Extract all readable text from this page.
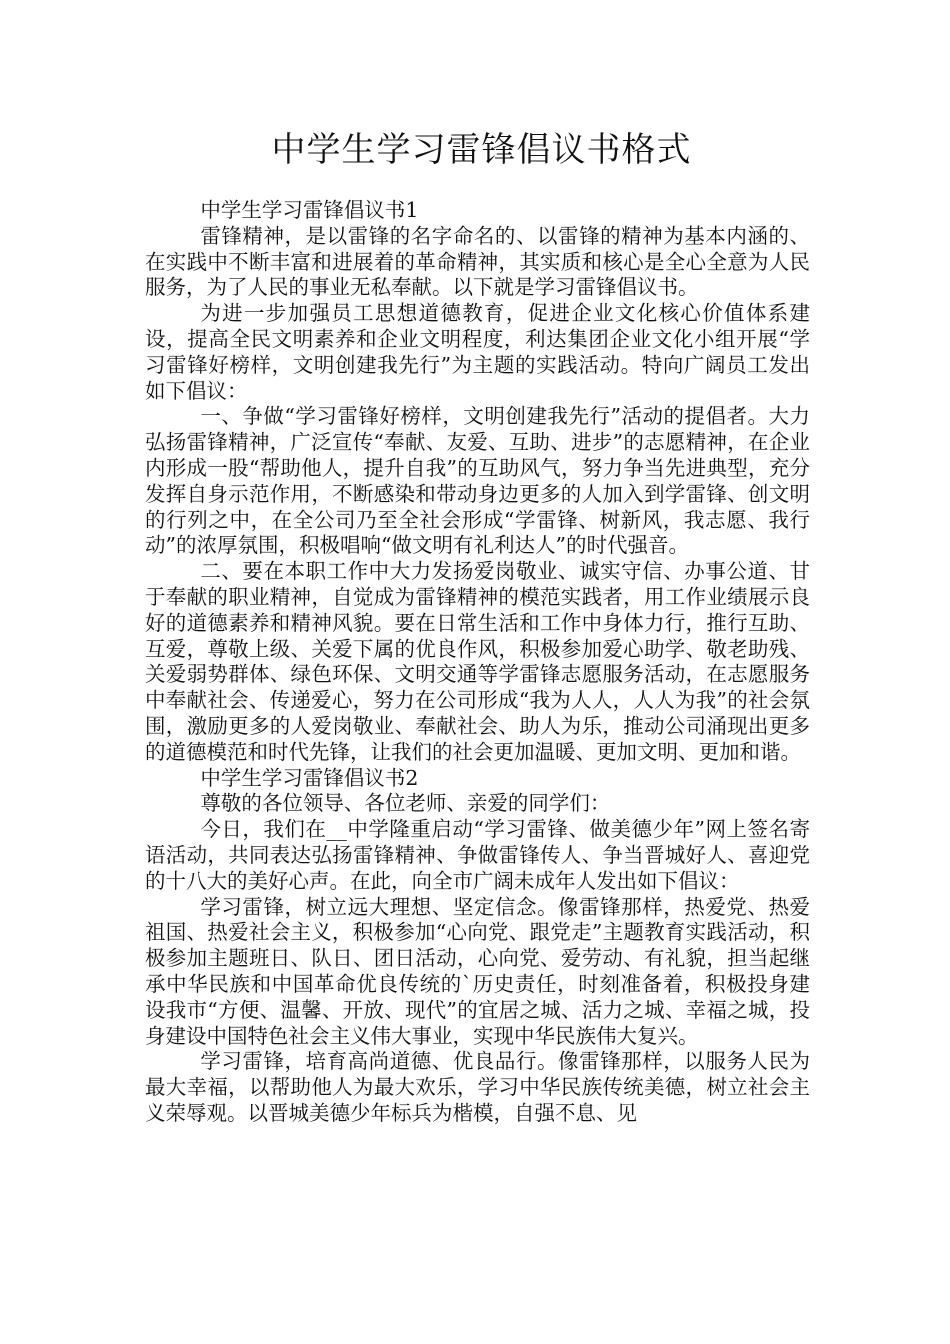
中学生学习雷锋倡议书格式

中学生学习雷锋倡议书1

雷锋精神，是以雷锋的名字命名的、以雷锋的精神为基本内涵的、在实践中不断丰富和进展着的革命精神，其实质和核心是全心全意为人民服务，为了人民的事业无私奉献。以下就是学习雷锋倡议书。

为进一步加强员工思想道德教育，促进企业文化核心价值体系建设，提高全民文明素养和企业文明程度，利达集团企业文化小组开展“学习雷锋好榜样，文明创建我先行”为主题的实践活动。特向广阔员工发出如下倡议：

一、争做“学习雷锋好榜样，文明创建我先行”活动的提倡者。大力弘扬雷锋精神，广泛宣传“奉献、友爱、互助、进步”的志愿精神，在企业内形成一股“帮助他人，提升自我”的互助风气，努力争当先进典型，充分发挥自身示范作用，不断感染和带动身边更多的人加入到学雷锋、创文明的行列之中，在全公司乃至全社会形成“学雷锋、树新风，我志愿、我行动”的浓厚氛围，积极唱响“做文明有礼利达人”的时代强音。

二、要在本职工作中大力发扬爱岗敬业、诚实守信、办事公道、甘于奉献的职业精神，自觉成为雷锋精神的模范实践者，用工作业绩展示良好的道德素养和精神风貌。要在日常生活和工作中身体力行，推行互助、互爱，尊敬上级、关爱下属的优良作风，积极参加爱心助学、敬老助残、关爱弱势群体、绿色环保、文明交通等学雷锋志愿服务活动，在志愿服务中奉献社会、传递爱心，努力在公司形成“我为人人，人人为我”的社会氛围，激励更多的人爱岗敬业、奉献社会、助人为乐，推动公司涌现出更多的道德模范和时代先锋，让我们的社会更加温暖、更加文明、更加和谐。

中学生学习雷锋倡议书2

尊敬的各位领导、各位老师、亲爱的同学们：

今日，我们在__中学隆重启动“学习雷锋、做美德少年”网上签名寄语活动，共同表达弘扬雷锋精神、争做雷锋传人、争当晋城好人、喜迎党的十八大的美好心声。在此，向全市广阔未成年人发出如下倡议：

学习雷锋，树立远大理想、坚定信念。像雷锋那样，热爱党、热爱祖国、热爱社会主义，积极参加“心向党、跟党走”主题教育实践活动，积极参加主题班日、队日、团日活动，心向党、爱劳动、有礼貌，担当起继承中华民族和中国革命优良传统的`历史责任，时刻准备着，积极投身建设我市“方便、温馨、开放、现代”的宜居之城、活力之城、幸福之城，投身建设中国特色社会主义伟大事业，实现中华民族伟大复兴。

学习雷锋，培育高尚道德、优良品行。像雷锋那样，以服务人民为最大幸福，以帮助他人为最大欢乐，学习中华民族传统美德，树立社会主义荣辱观。以晋城美德少年标兵为楷模，自强不息、见
